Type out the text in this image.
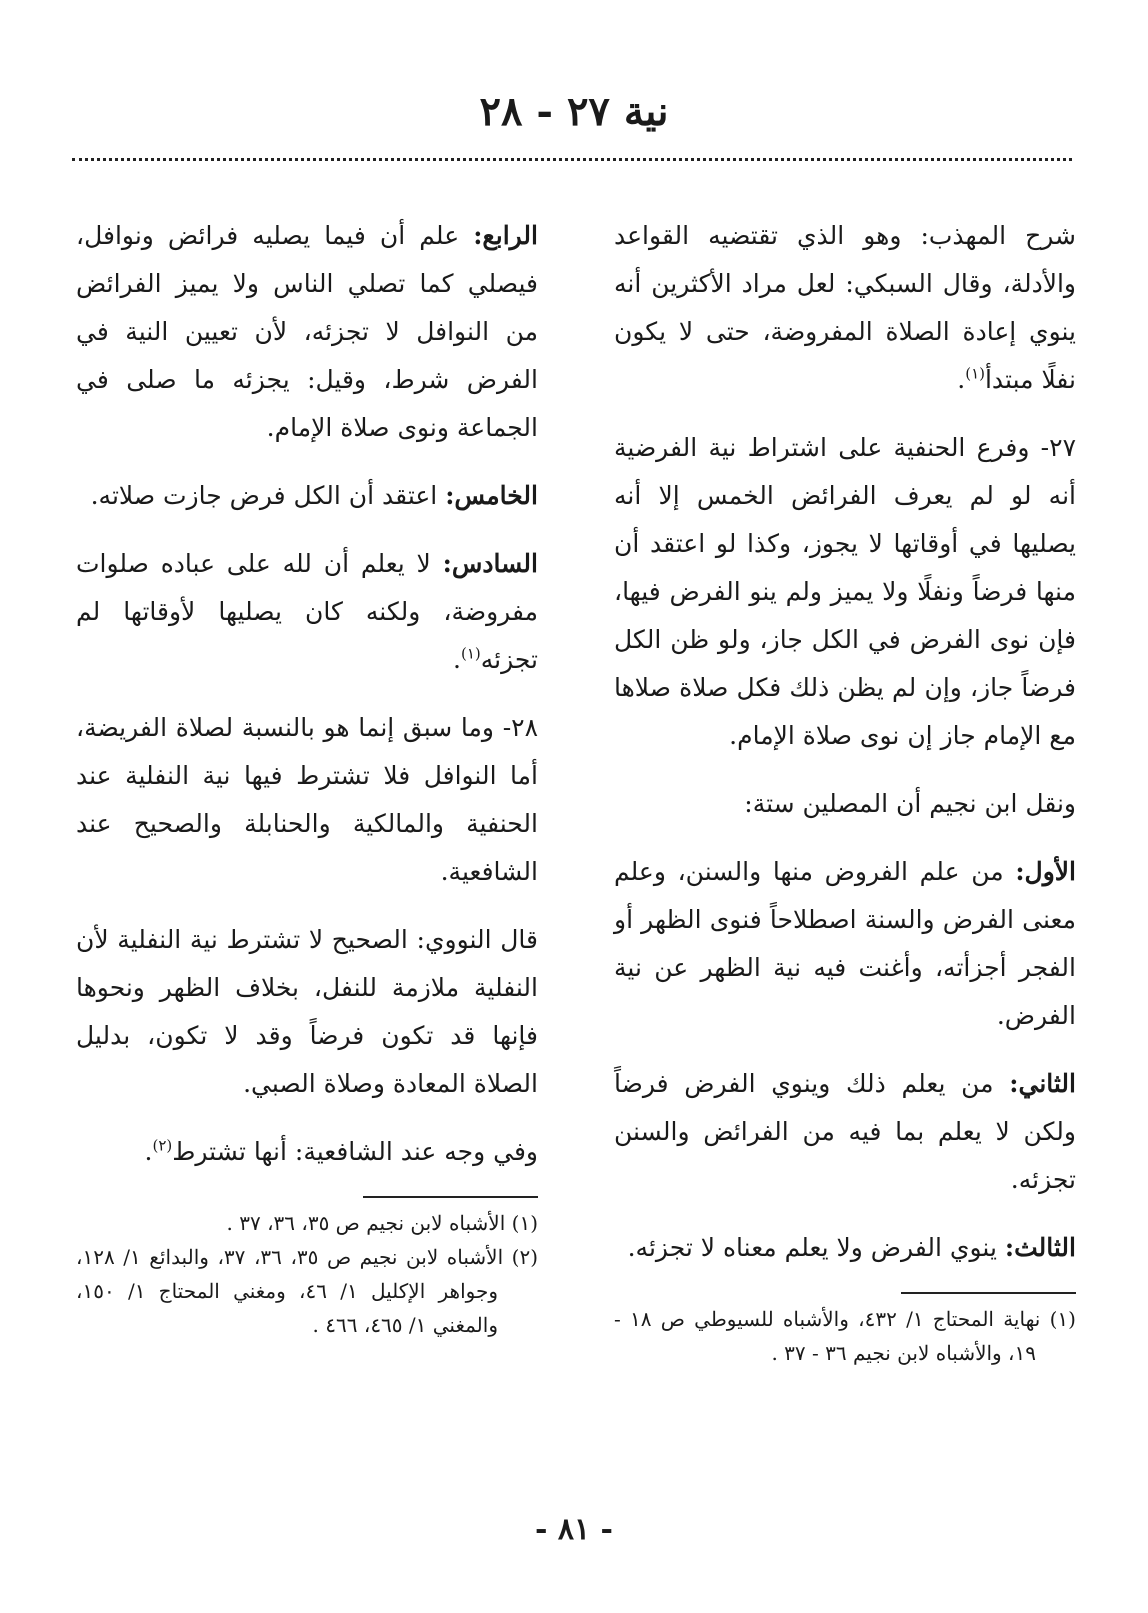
نية ٢٧ - ٢٨

شرح المهذب: وهو الذي تقتضيه القواعد والأدلة، وقال السبكي: لعل مراد الأكثرين أنه ينوي إعادة الصلاة المفروضة، حتى لا يكون نفلًا مبتدأ$^{(١)}$.

٢٧- وفرع الحنفية على اشتراط نية الفرضية أنه لو لم يعرف الفرائض الخمس إلا أنه يصليها في أوقاتها لا يجوز، وكذا لو اعتقد أن منها فرضاً ونفلًا ولا يميز ولم ينو الفرض فيها، فإن نوى الفرض في الكل جاز، ولو ظن الكل فرضاً جاز، وإن لم يظن ذلك فكل صلاة صلاها مع الإمام جاز إن نوى صلاة الإمام.

ونقل ابن نجيم أن المصلين ستة:

الأول: من علم الفروض منها والسنن، وعلم معنى الفرض والسنة اصطلاحاً فنوى الظهر أو الفجر أجزأته، وأغنت فيه نية الظهر عن نية الفرض.

الثاني: من يعلم ذلك وينوي الفرض فرضاً ولكن لا يعلم بما فيه من الفرائض والسنن تجزئه.

الثالث: ينوي الفرض ولا يعلم معناه لا تجزئه.

(١) نهاية المحتاج ١/ ٤٣٢، والأشباه للسيوطي ص ١٨ - ١٩، والأشباه لابن نجيم ٣٦ - ٣٧ .

الرابع: علم أن فيما يصليه فرائض ونوافل، فيصلي كما تصلي الناس ولا يميز الفرائض من النوافل لا تجزئه، لأن تعيين النية في الفرض شرط، وقيل: يجزئه ما صلى في الجماعة ونوى صلاة الإمام.

الخامس: اعتقد أن الكل فرض جازت صلاته.

السادس: لا يعلم أن لله على عباده صلوات مفروضة، ولكنه كان يصليها لأوقاتها لم تجزئه$^{(١)}$.

٢٨- وما سبق إنما هو بالنسبة لصلاة الفريضة، أما النوافل فلا تشترط فيها نية النفلية عند الحنفية والمالكية والحنابلة والصحيح عند الشافعية.

قال النووي: الصحيح لا تشترط نية النفلية لأن النفلية ملازمة للنفل، بخلاف الظهر ونحوها فإنها قد تكون فرضاً وقد لا تكون، بدليل الصلاة المعادة وصلاة الصبي.

وفي وجه عند الشافعية: أنها تشترط$^{(٢)}$.

(١) الأشباه لابن نجيم ص ٣٥، ٣٦، ٣٧ .

(٢) الأشباه لابن نجيم ص ٣٥، ٣٦، ٣٧، والبدائع ١/ ١٢٨، وجواهر الإكليل ١/ ٤٦، ومغني المحتاج ١/ ١٥٠، والمغني ١/ ٤٦٥، ٤٦٦ .

- ٨١ -
